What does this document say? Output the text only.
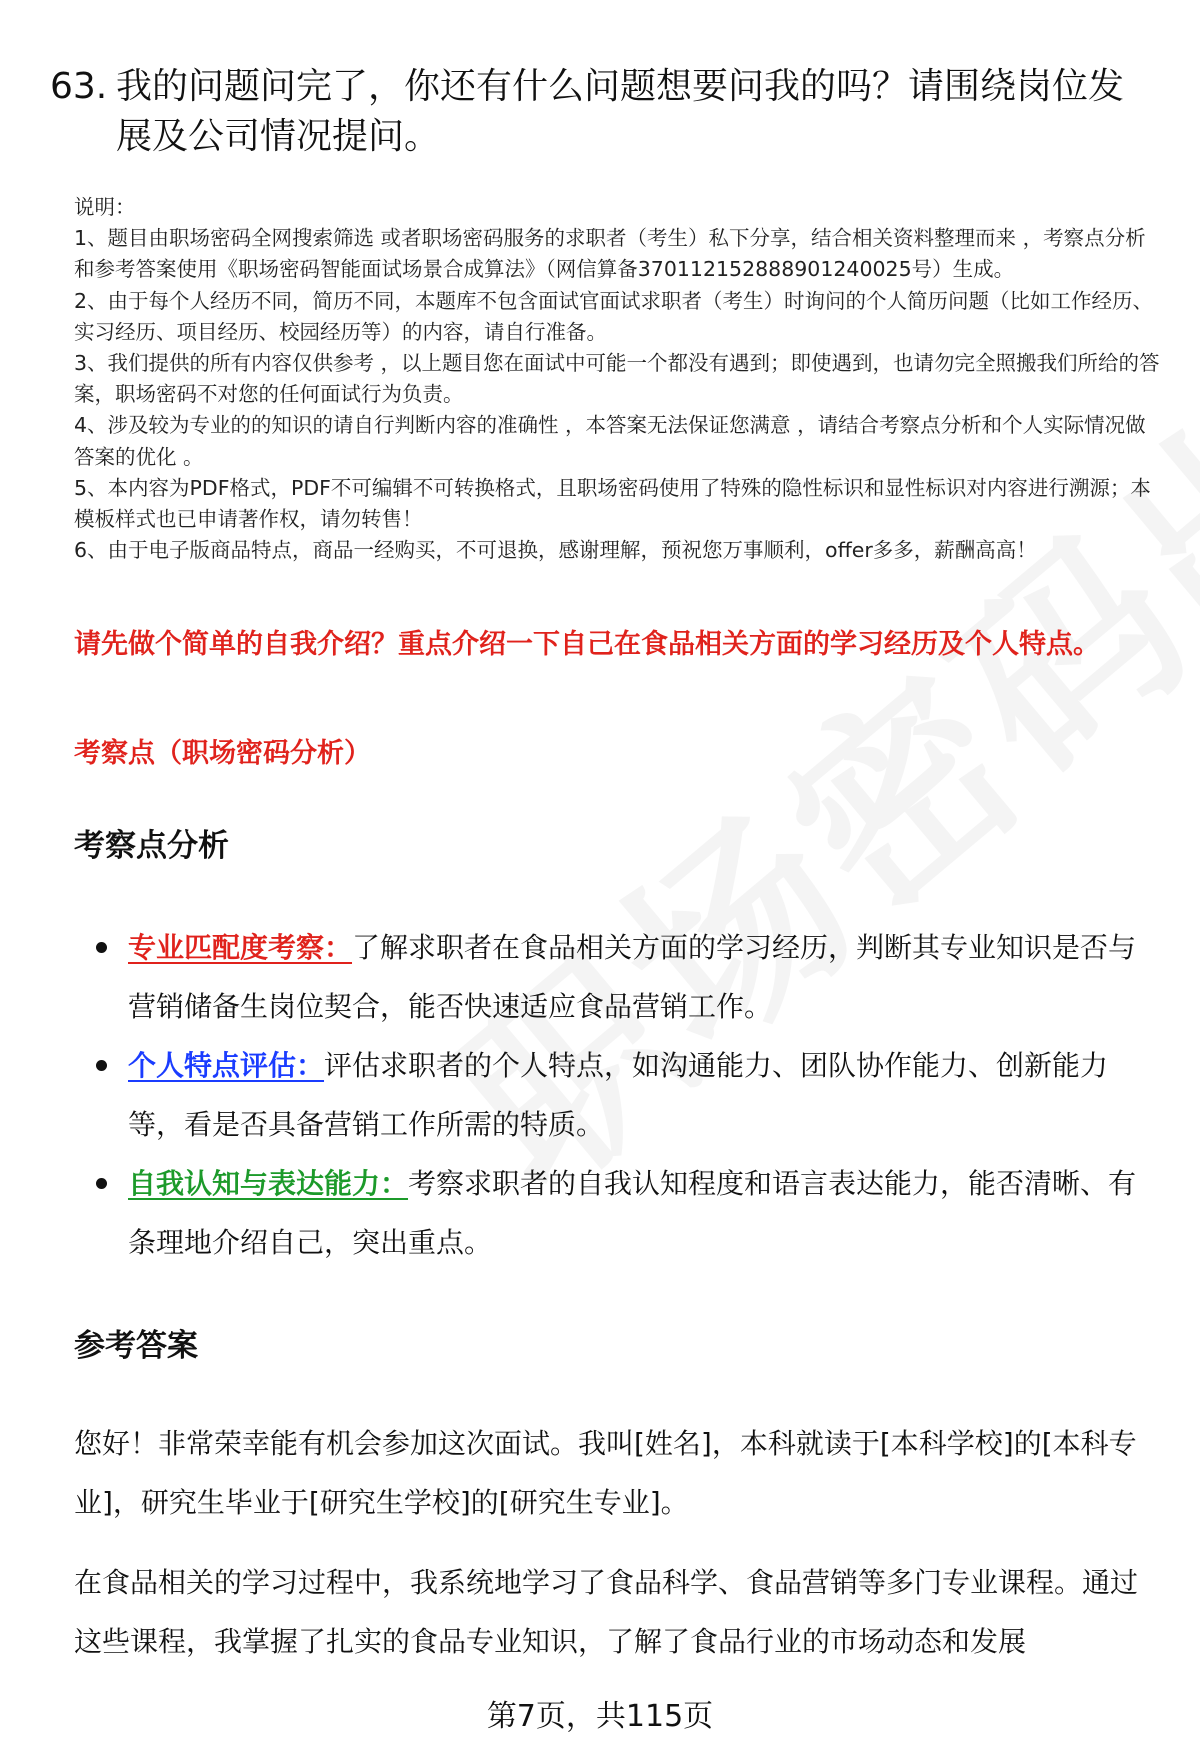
63. 我的问题问完了，你还有什么问题想要问我的吗？请围绕岗位发展及公司情况提问。

说明：

1、题目由职场密码全网搜索筛选 或者职场密码服务的求职者（考生）私下分享，结合相关资料整理而来 ，考察点分析和参考答案使用《职场密码智能面试场景合成算法》（网信算备370112152888901240025号）生成。

2、由于每个人经历不同，简历不同，本题库不包含面试官面试求职者（考生）时询问的个人简历问题（比如工作经历、实习经历、项目经历、校园经历等）的内容，请自行准备。

3、我们提供的所有内容仅供参考 ，以上题目您在面试中可能一个都没有遇到；即使遇到，也请勿完全照搬我们所给的答案，职场密码不对您的任何面试行为负责。

4、涉及较为专业的的知识的请自行判断内容的准确性 ，本答案无法保证您满意 ，请结合考察点分析和个人实际情况做答案的优化 。

5、本内容为PDF格式，PDF不可编辑不可转换格式，且职场密码使用了特殊的隐性标识和显性标识对内容进行溯源；本模板样式也已申请著作权，请勿转售！

6、由于电子版商品特点，商品一经购买，不可退换，感谢理解，预祝您万事顺利，offer多多，薪酬高高！

请先做个简单的自我介绍？重点介绍一下自己在食品相关方面的学习经历及个人特点。
考察点（职场密码分析）
考察点分析
专业匹配度考察：了解求职者在食品相关方面的学习经历，判断其专业知识是否与营销储备生岗位契合，能否快速适应食品营销工作。
个人特点评估：评估求职者的个人特点，如沟通能力、团队协作能力、创新能力等，看是否具备营销工作所需的特质。
自我认知与表达能力：考察求职者的自我认知程度和语言表达能力，能否清晰、有条理地介绍自己，突出重点。
参考答案

您好！非常荣幸能有机会参加这次面试。我叫[姓名]，本科就读于[本科学校]的[本科专业]，研究生毕业于[研究生学校]的[研究生专业]。

在食品相关的学习过程中，我系统地学习了食品科学、食品营销等多门专业课程。通过这些课程，我掌握了扎实的食品专业知识，了解了食品行业的市场动态和发展

第7页，共115页
